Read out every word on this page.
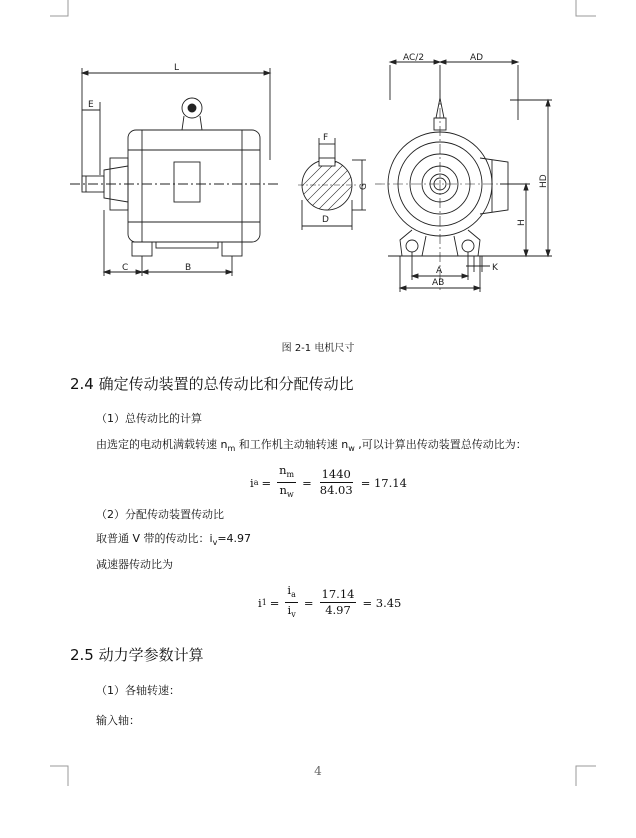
L
E
C	B
F
G
D
AC/2	AD
HD
H
K
A
AB
图 2-1 电机尺寸
2.4 确定传动装置的总传动比和分配传动比
（1）总传动比的计算
由选定的电动机满载转速 $n_m$ 和工作机主动轴转速 $n_w$ ,可以计算出传动装置总传动比为：
i $a = \frac{n_m}{n_w} = \frac{1440}{84.03} = 17.14$
（2）分配传动装置传动比
取普通 V 带的传动比：$i_v=4.97$
减速器传动比为
i $1 = \frac{i_a}{i_v} = \frac{17.14}{4.97} = 3.45$
2.5 动力学参数计算
（1）各轴转速：
输入轴：
4
